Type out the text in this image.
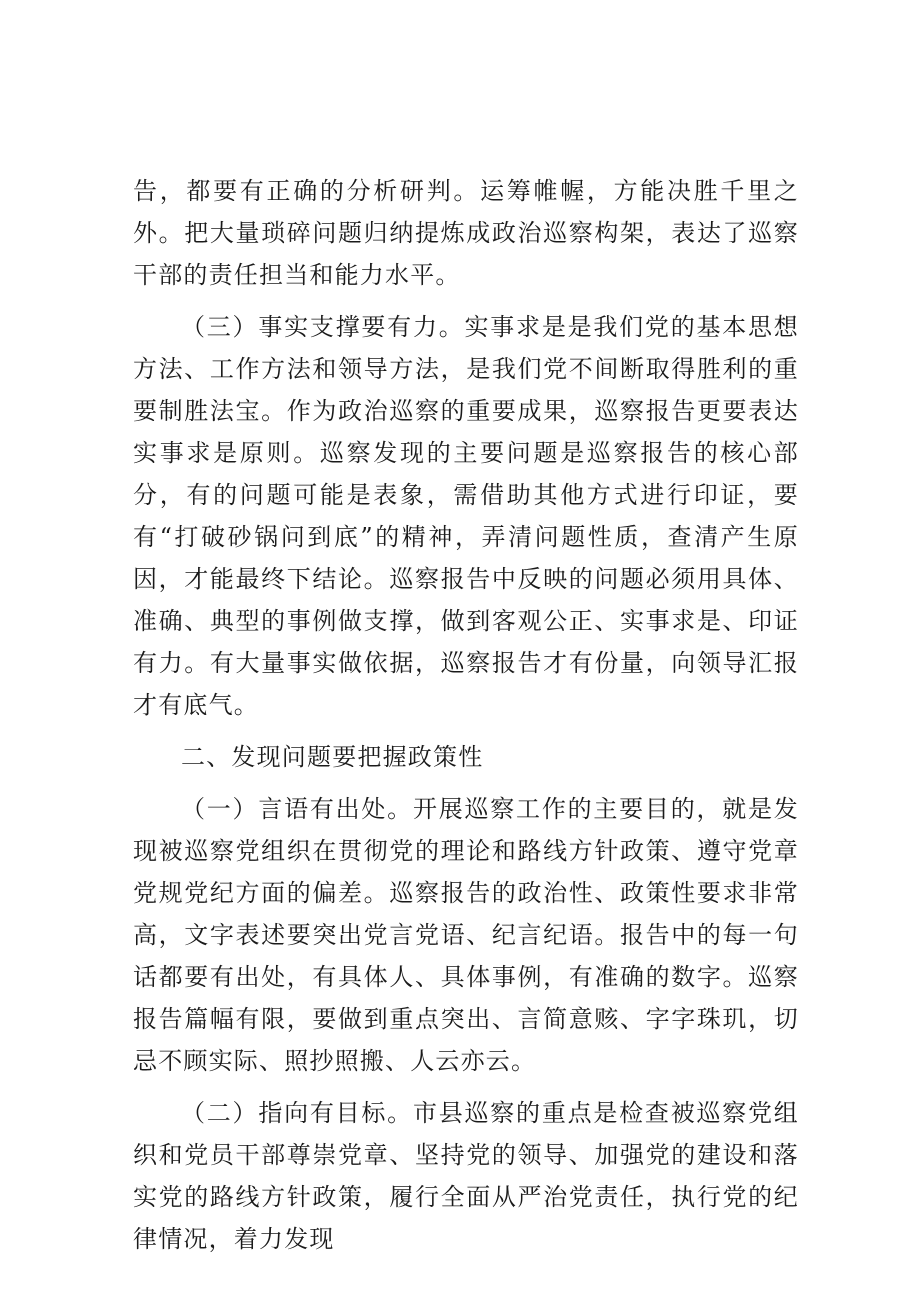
告，都要有正确的分析研判。运筹帷幄，方能决胜千里之外。把大量琐碎问题归纳提炼成政治巡察构架，表达了巡察干部的责任担当和能力水平。

（三）事实支撑要有力。实事求是是我们党的基本思想方法、工作方法和领导方法，是我们党不间断取得胜利的重要制胜法宝。作为政治巡察的重要成果，巡察报告更要表达实事求是原则。巡察发现的主要问题是巡察报告的核心部分，有的问题可能是表象，需借助其他方式进行印证，要有“打破砂锅问到底”的精神，弄清问题性质，查清产生原因，才能最终下结论。巡察报告中反映的问题必须用具体、准确、典型的事例做支撑，做到客观公正、实事求是、印证有力。有大量事实做依据，巡察报告才有份量，向领导汇报才有底气。

二、发现问题要把握政策性

（一）言语有出处。开展巡察工作的主要目的，就是发现被巡察党组织在贯彻党的理论和路线方针政策、遵守党章党规党纪方面的偏差。巡察报告的政治性、政策性要求非常高，文字表述要突出党言党语、纪言纪语。报告中的每一句话都要有出处，有具体人、具体事例，有准确的数字。巡察报告篇幅有限，要做到重点突出、言简意赅、字字珠玑，切忌不顾实际、照抄照搬、人云亦云。

（二）指向有目标。市县巡察的重点是检查被巡察党组织和党员干部尊崇党章、坚持党的领导、加强党的建设和落实党的路线方针政策，履行全面从严治党责任，执行党的纪律情况，着力发现
